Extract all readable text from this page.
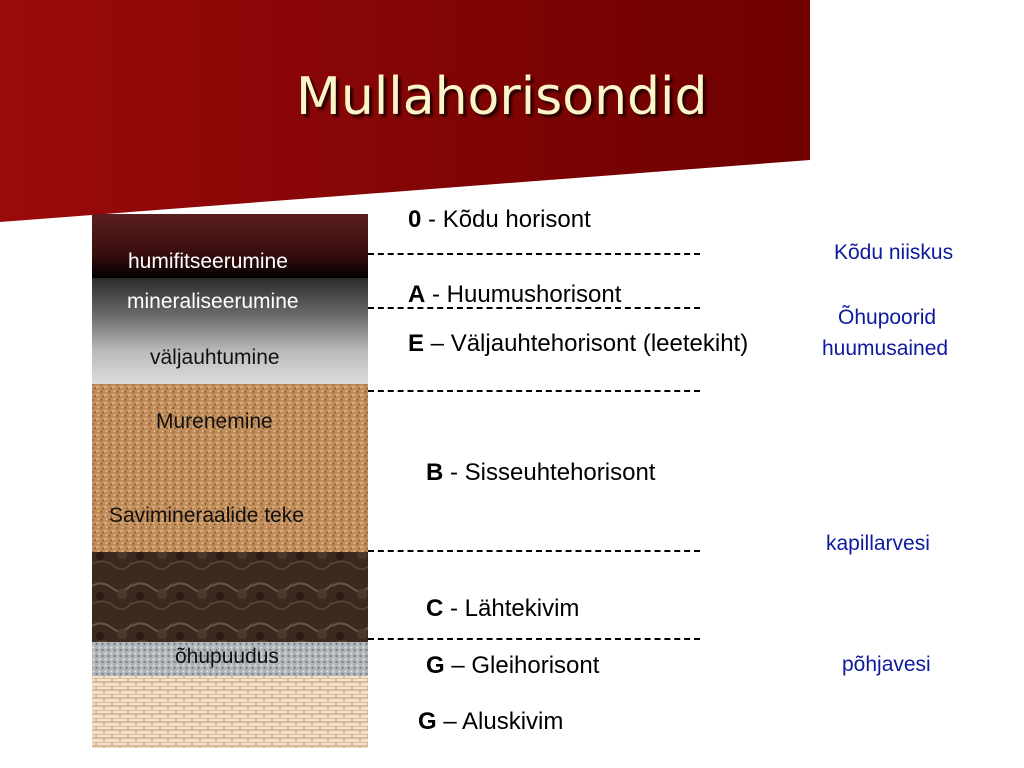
Mullahorisondid
humifitseerumine
mineraliseerumine
väljauhtumine
Murenemine
Savimineraalide teke
õhupuudus
0 - Kõdu horisont
A - Huumushorisont
E – Väljauhtehorisont (leetekiht)
B - Sisseuhtehorisont
C - Lähtekivim
G – Gleihorisont
G – Aluskivim
Kõdu niiskus
Õhupoorid
huumusained
kapillarvesi
põhjavesi
